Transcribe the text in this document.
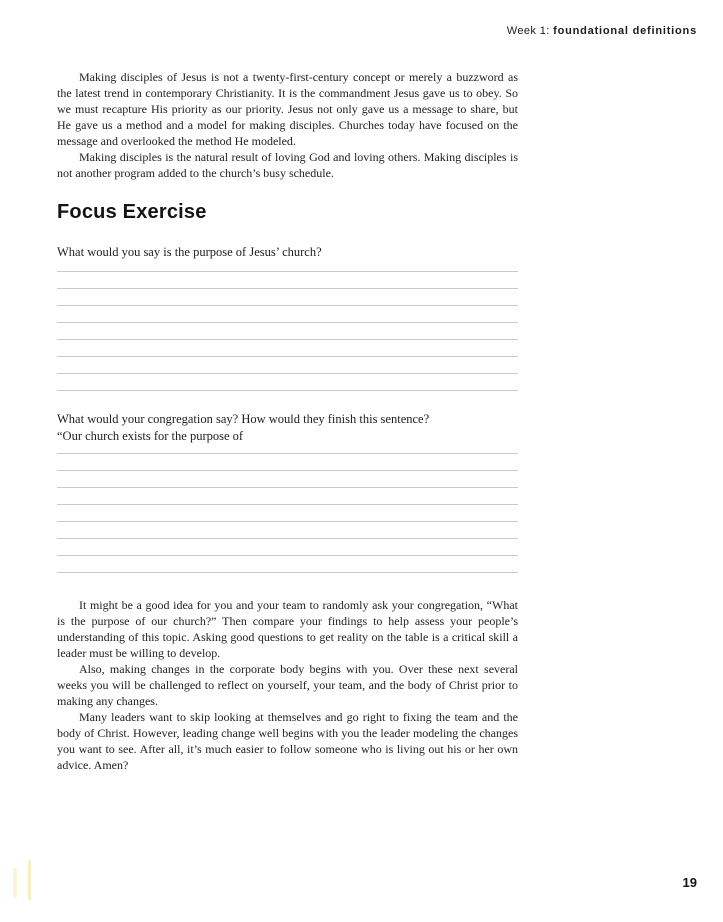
Week 1: foundational definitions

Making disciples of Jesus is not a twenty-first-century concept or merely a buzzword as the latest trend in contemporary Christianity. It is the commandment Jesus gave us to obey. So we must recapture His priority as our priority. Jesus not only gave us a message to share, but He gave us a method and a model for making disciples. Churches today have focused on the message and overlooked the method He modeled.

Making disciples is the natural result of loving God and loving others. Making disciples is not another program added to the church’s busy schedule.

Focus Exercise

What would you say is the purpose of Jesus’ church?

What would your congregation say? How would they finish this sentence?

“Our church exists for the purpose of

It might be a good idea for you and your team to randomly ask your congregation, “What is the purpose of our church?” Then compare your findings to help assess your people’s understanding of this topic. Asking good questions to get reality on the table is a critical skill a leader must be willing to develop.

Also, making changes in the corporate body begins with you. Over these next several weeks you will be challenged to reflect on yourself, your team, and the body of Christ prior to making any changes.

Many leaders want to skip looking at themselves and go right to fixing the team and the body of Christ. However, leading change well begins with you the leader modeling the changes you want to see. After all, it’s much easier to follow someone who is living out his or her own advice. Amen?

19
